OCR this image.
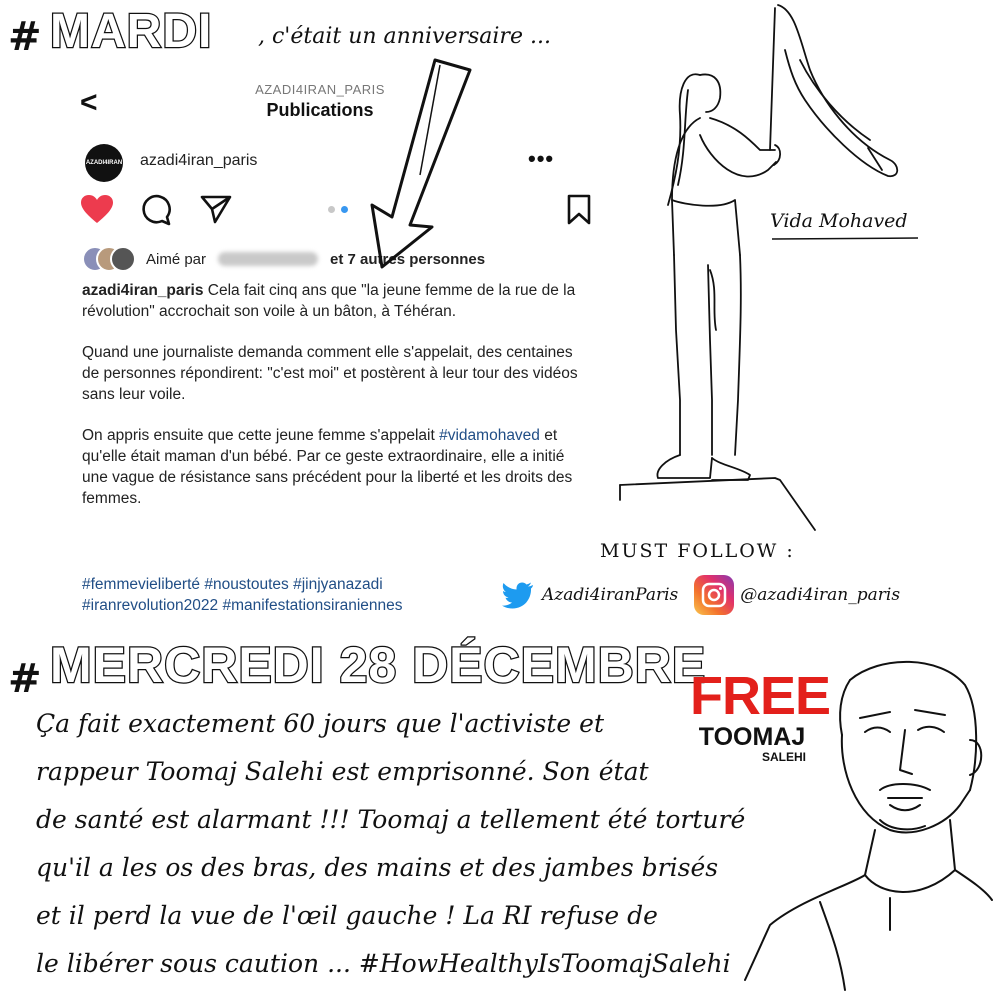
# MARDI , c'était un anniversaire ...
<	AZADI4IRAN_PARIS
Publications
AZADI4IRAN azadi4iran_paris	•••
Aimé par	et 7 autres personnes

azadi4iran_paris Cela fait cinq ans que "la jeune femme de la rue de la révolution" accrochait son voile à un bâton, à Téhéran.

Quand une journaliste demanda comment elle s'appelait, des centaines de personnes répondirent: "c'est moi" et postèrent à leur tour des vidéos sans leur voile.

On appris ensuite que cette jeune femme s'appelait #vidamohaved et qu'elle était maman d'un bébé. Par ce geste extraordinaire, elle a initié une vague de résistance sans précédent pour la liberté et les droits des femmes.

#femmevieliberté #noustoutes #jinjyanazadi
#iranrevolution2022 #manifestationsiraniennes
Vida Mohaved
MUST FOLLOW :
Azadi4iranParis	@azadi4iran_paris
# MERCREDI 28 DÉCEMBRE
Ça fait exactement 60 jours que l'activiste et
rappeur Toomaj Salehi est emprisonné. Son état
de santé est alarmant !!! Toomaj a tellement été torturé
qu'il a les os des bras, des mains et des jambes brisés
et il perd la vue de l'œil gauche ! La RI refuse de
le libérer sous caution ... #HowHealthyIsToomajSalehi
FREE
TOOMAJ
SALEHI
